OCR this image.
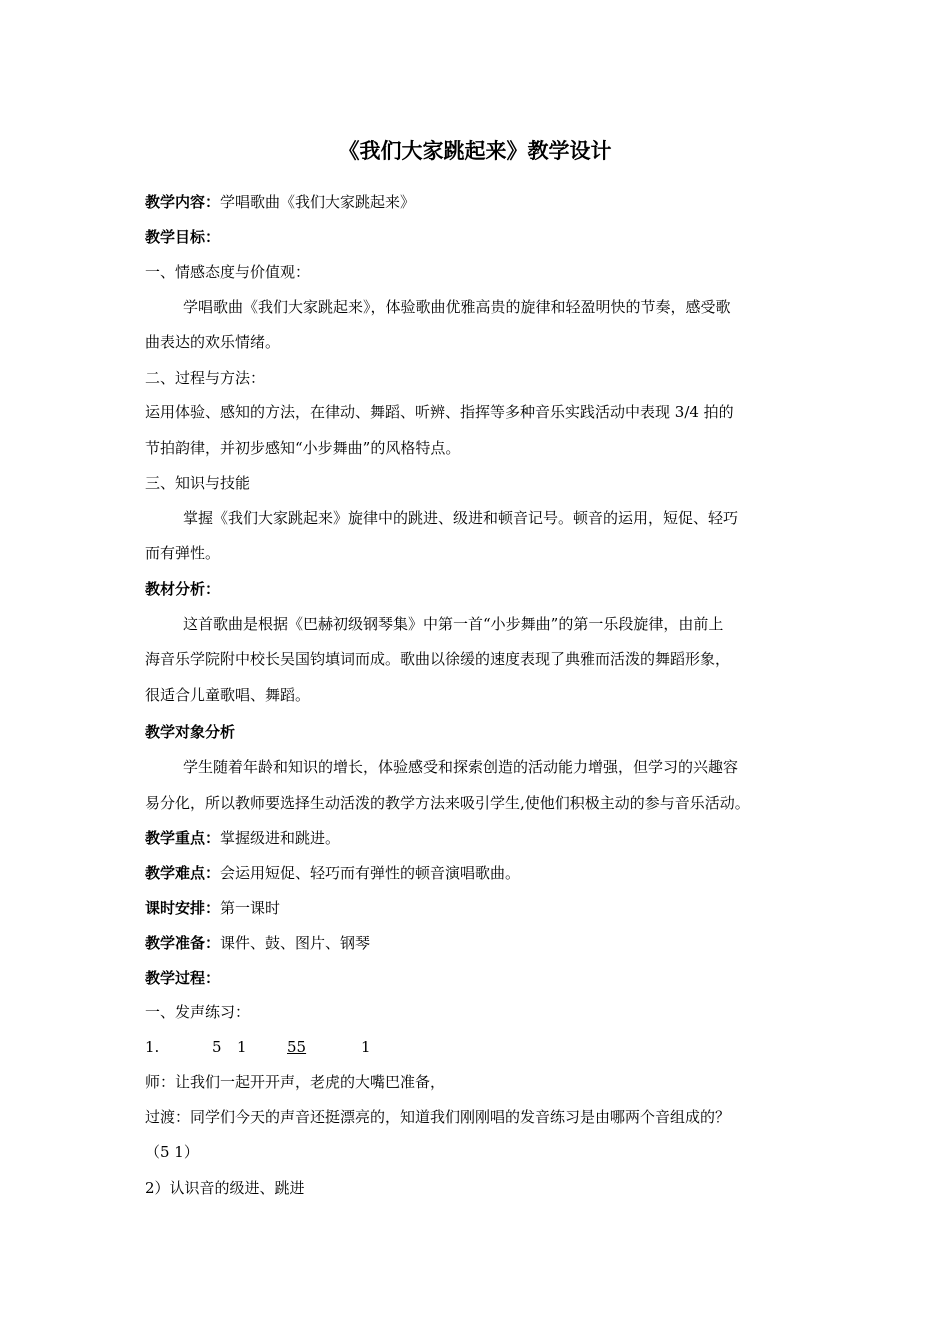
《我们大家跳起来》教学设计
教学内容：学唱歌曲《我们大家跳起来》
教学目标：
一、情感态度与价值观：
学唱歌曲《我们大家跳起来》，体验歌曲优雅高贵的旋律和轻盈明快的节奏，感受歌
曲表达的欢乐情绪。
二、过程与方法：
运用体验、感知的方法，在律动、舞蹈、听辨、指挥等多种音乐实践活动中表现 3/4 拍的
节拍韵律，并初步感知“小步舞曲”的风格特点。
三、知识与技能
掌握《我们大家跳起来》旋律中的跳进、级进和顿音记号。顿音的运用，短促、轻巧
而有弹性。
教材分析：
这首歌曲是根据《巴赫初级钢琴集》中第一首“小步舞曲”的第一乐段旋律，由前上
海音乐学院附中校长吴国钧填词而成。歌曲以徐缓的速度表现了典雅而活泼的舞蹈形象，
很适合儿童歌唱、舞蹈。
教学对象分析
学生随着年龄和知识的增长，体验感受和探索创造的活动能力增强，但学习的兴趣容
易分化，所以教师要选择生动活泼的教学方法来吸引学生,使他们积极主动的参与音乐活动。
教学重点：掌握级进和跳进。
教学难点：会运用短促、轻巧而有弹性的顿音演唱歌曲。
课时安排：第一课时
教学准备：课件、鼓、图片、钢琴
教学过程：
一、发声练习：
1.	5 1	55	1
师：让我们一起开开声，老虎的大嘴巴准备，
过渡：同学们今天的声音还挺漂亮的，知道我们刚刚唱的发音练习是由哪两个音组成的？
（5 1）
2）认识音的级进、跳进
